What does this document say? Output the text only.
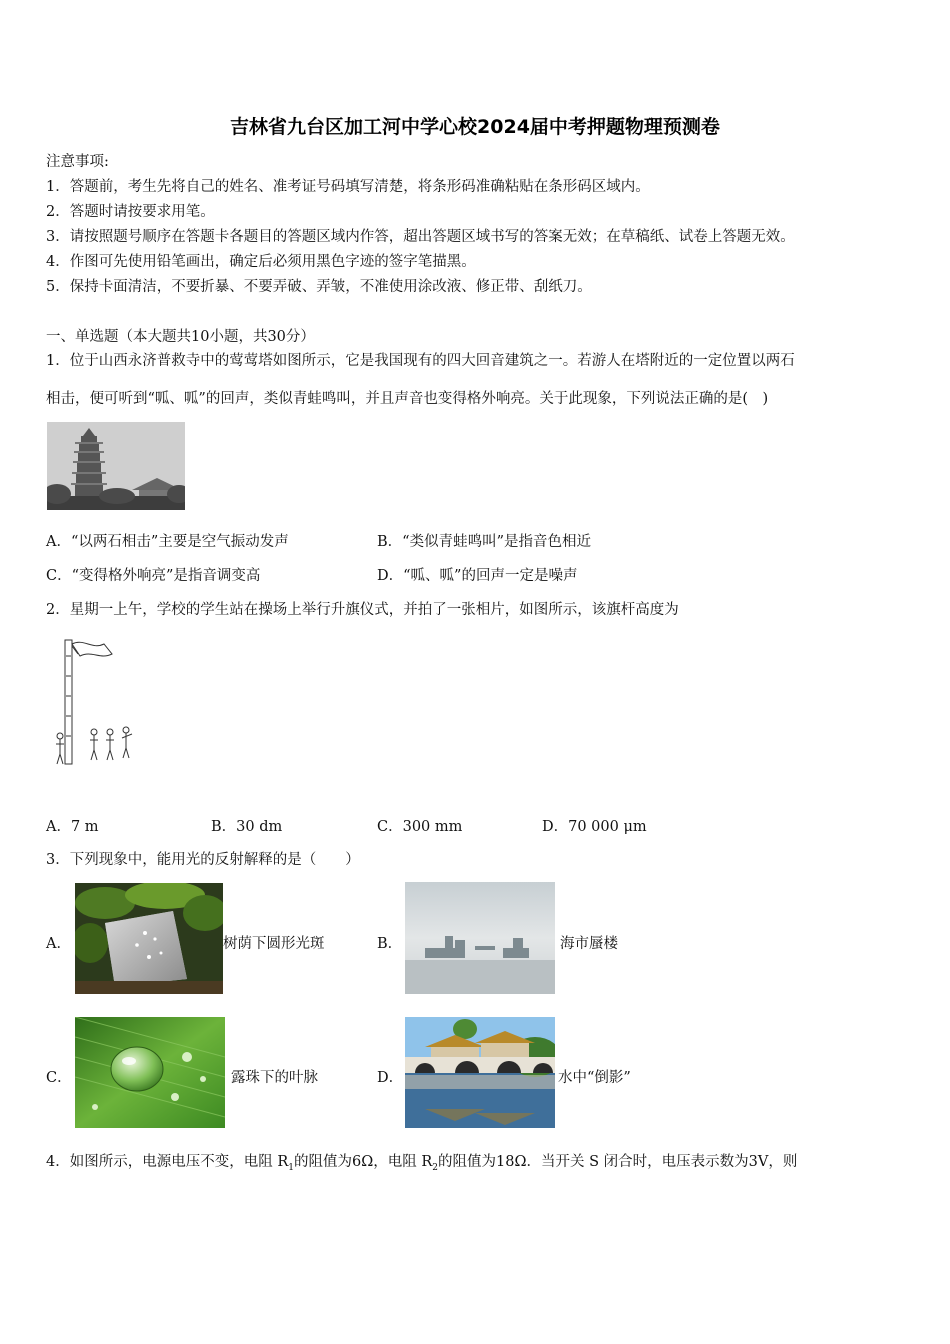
吉林省九台区加工河中学心校2024届中考押题物理预测卷
注意事项:
1．答题前，考生先将自己的姓名、准考证号码填写清楚，将条形码准确粘贴在条形码区域内。
2．答题时请按要求用笔。
3．请按照题号顺序在答题卡各题目的答题区域内作答，超出答题区域书写的答案无效；在草稿纸、试卷上答题无效。
4．作图可先使用铅笔画出，确定后必须用黑色字迹的签字笔描黑。
5．保持卡面清洁，不要折暴、不要弄破、弄皱，不准使用涂改液、修正带、刮纸刀。
一、单选题（本大题共10小题，共30分）
1．位于山西永济普救寺中的莺莺塔如图所示，它是我国现有的四大回音建筑之一。若游人在塔附近的一定位置以两石
相击，便可听到“呱、呱”的回声，类似青蛙鸣叫，并且声音也变得格外响亮。关于此现象，下列说法正确的是(　)
A．“以两石相击”主要是空气振动发声	B．“类似青蛙鸣叫”是指音色相近
C．“变得格外响亮”是指音调变高	D．“呱、呱”的回声一定是噪声
2．星期一上午，学校的学生站在操场上举行升旗仪式，并拍了一张相片，如图所示，该旗杆高度为
A．7 m	B．30 dm	C．300 mm	D．70 000 μm
3．下列现象中，能用光的反射解释的是（　　）
A．	树荫下圆形光斑	B．	海市蜃楼
C．	露珠下的叶脉	D．	水中“倒影”
4．如图所示，电源电压不变，电阻 $R_1$的阻值为6Ω，电阻 $R_2$的阻值为18Ω．当开关 S 闭合时，电压表示数为3V，则
